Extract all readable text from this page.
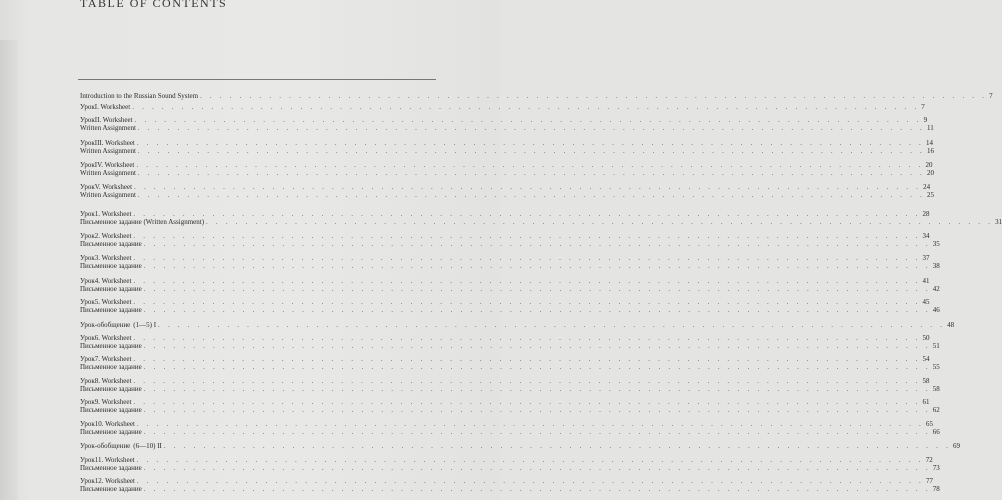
TABLE OF CONTENTS
Introduction to the Russian Sound System . . . . . . . . . . . . . . . . . . . . . . . . . . . . . . . . . . . . . . . . . . . . . . . . . . . . . . . . . . . . . . . . . . . . . . . . . . . . . . . . 7
Урок I. Worksheet . . . . . . . . . . . . . . . . . . . . . . . . . . . . . . . . . . . . . . . . . . . . . . . . . . . . . . . . . . . . . . . . . . . . . . . . . . . . . . . . 7
Урок II. Worksheet . . . . . . . . . . . . . . . . . . . . . . . . . . . . . . . . . . . . . . . . . . . . . . . . . . . . . . . . . . . . . . . . . . . . . . . . . . . . . . . . 9
Written Assignment . . . . . . . . . . . . . . . . . . . . . . . . . . . . . . . . . . . . . . . . . . . . . . . . . . . . . . . . . . . . . . . . . . . . . . . . . . . . . . . . 11
Урок III. Worksheet . . . . . . . . . . . . . . . . . . . . . . . . . . . . . . . . . . . . . . . . . . . . . . . . . . . . . . . . . . . . . . . . . . . . . . . . . . . . . . . . 14
Written Assignment . . . . . . . . . . . . . . . . . . . . . . . . . . . . . . . . . . . . . . . . . . . . . . . . . . . . . . . . . . . . . . . . . . . . . . . . . . . . . . . . 16
Урок IV. Worksheet . . . . . . . . . . . . . . . . . . . . . . . . . . . . . . . . . . . . . . . . . . . . . . . . . . . . . . . . . . . . . . . . . . . . . . . . . . . . . . . . 20
Written Assignment . . . . . . . . . . . . . . . . . . . . . . . . . . . . . . . . . . . . . . . . . . . . . . . . . . . . . . . . . . . . . . . . . . . . . . . . . . . . . . . . 20
Урок V. Worksheet . . . . . . . . . . . . . . . . . . . . . . . . . . . . . . . . . . . . . . . . . . . . . . . . . . . . . . . . . . . . . . . . . . . . . . . . . . . . . . . . 24
Written Assignment . . . . . . . . . . . . . . . . . . . . . . . . . . . . . . . . . . . . . . . . . . . . . . . . . . . . . . . . . . . . . . . . . . . . . . . . . . . . . . . . 25
Урок 1. Worksheet . . . . . . . . . . . . . . . . . . . . . . . . . . . . . . . . . . . . . . . . . . . . . . . . . . . . . . . . . . . . . . . . . . . . . . . . . . . . . . . . 28
Письменное задание (Written Assignment) . . . . . . . . . . . . . . . . . . . . . . . . . . . . . . . . . . . . . . . . . . . . . . . . . . . . . . . . . . . . . . . . . . . . . . . . . . . . . . . . 31
Урок 2. Worksheet . . . . . . . . . . . . . . . . . . . . . . . . . . . . . . . . . . . . . . . . . . . . . . . . . . . . . . . . . . . . . . . . . . . . . . . . . . . . . . . . 34
Письменное задание . . . . . . . . . . . . . . . . . . . . . . . . . . . . . . . . . . . . . . . . . . . . . . . . . . . . . . . . . . . . . . . . . . . . . . . . . . . . . . . . 35
Урок 3. Worksheet . . . . . . . . . . . . . . . . . . . . . . . . . . . . . . . . . . . . . . . . . . . . . . . . . . . . . . . . . . . . . . . . . . . . . . . . . . . . . . . . 37
Письменное задание . . . . . . . . . . . . . . . . . . . . . . . . . . . . . . . . . . . . . . . . . . . . . . . . . . . . . . . . . . . . . . . . . . . . . . . . . . . . . . . . 38
Урок 4. Worksheet . . . . . . . . . . . . . . . . . . . . . . . . . . . . . . . . . . . . . . . . . . . . . . . . . . . . . . . . . . . . . . . . . . . . . . . . . . . . . . . . 41
Письменное задание . . . . . . . . . . . . . . . . . . . . . . . . . . . . . . . . . . . . . . . . . . . . . . . . . . . . . . . . . . . . . . . . . . . . . . . . . . . . . . . . 42
Урок 5. Worksheet . . . . . . . . . . . . . . . . . . . . . . . . . . . . . . . . . . . . . . . . . . . . . . . . . . . . . . . . . . . . . . . . . . . . . . . . . . . . . . . . 45
Письменное задание . . . . . . . . . . . . . . . . . . . . . . . . . . . . . . . . . . . . . . . . . . . . . . . . . . . . . . . . . . . . . . . . . . . . . . . . . . . . . . . . 46
Урок-обобщение (1—5) I . . . . . . . . . . . . . . . . . . . . . . . . . . . . . . . . . . . . . . . . . . . . . . . . . . . . . . . . . . . . . . . . . . . . . . . . . . . . . . . . 48
Урок 6. Worksheet . . . . . . . . . . . . . . . . . . . . . . . . . . . . . . . . . . . . . . . . . . . . . . . . . . . . . . . . . . . . . . . . . . . . . . . . . . . . . . . . 50
Письменное задание . . . . . . . . . . . . . . . . . . . . . . . . . . . . . . . . . . . . . . . . . . . . . . . . . . . . . . . . . . . . . . . . . . . . . . . . . . . . . . . . 51
Урок 7. Worksheet . . . . . . . . . . . . . . . . . . . . . . . . . . . . . . . . . . . . . . . . . . . . . . . . . . . . . . . . . . . . . . . . . . . . . . . . . . . . . . . . 54
Письменное задание . . . . . . . . . . . . . . . . . . . . . . . . . . . . . . . . . . . . . . . . . . . . . . . . . . . . . . . . . . . . . . . . . . . . . . . . . . . . . . . . 55
Урок 8. Worksheet . . . . . . . . . . . . . . . . . . . . . . . . . . . . . . . . . . . . . . . . . . . . . . . . . . . . . . . . . . . . . . . . . . . . . . . . . . . . . . . . 58
Письменное задание . . . . . . . . . . . . . . . . . . . . . . . . . . . . . . . . . . . . . . . . . . . . . . . . . . . . . . . . . . . . . . . . . . . . . . . . . . . . . . . . 58
Урок 9. Worksheet . . . . . . . . . . . . . . . . . . . . . . . . . . . . . . . . . . . . . . . . . . . . . . . . . . . . . . . . . . . . . . . . . . . . . . . . . . . . . . . . 61
Письменное задание . . . . . . . . . . . . . . . . . . . . . . . . . . . . . . . . . . . . . . . . . . . . . . . . . . . . . . . . . . . . . . . . . . . . . . . . . . . . . . . . 62
Урок 10. Worksheet . . . . . . . . . . . . . . . . . . . . . . . . . . . . . . . . . . . . . . . . . . . . . . . . . . . . . . . . . . . . . . . . . . . . . . . . . . . . . . . . 65
Письменное задание . . . . . . . . . . . . . . . . . . . . . . . . . . . . . . . . . . . . . . . . . . . . . . . . . . . . . . . . . . . . . . . . . . . . . . . . . . . . . . . . 66
Урок-обобщение (6—10) II . . . . . . . . . . . . . . . . . . . . . . . . . . . . . . . . . . . . . . . . . . . . . . . . . . . . . . . . . . . . . . . . . . . . . . . . . . . . . . . . 69
Урок 11. Worksheet . . . . . . . . . . . . . . . . . . . . . . . . . . . . . . . . . . . . . . . . . . . . . . . . . . . . . . . . . . . . . . . . . . . . . . . . . . . . . . . . 72
Письменное задание . . . . . . . . . . . . . . . . . . . . . . . . . . . . . . . . . . . . . . . . . . . . . . . . . . . . . . . . . . . . . . . . . . . . . . . . . . . . . . . . 73
Урок 12. Worksheet . . . . . . . . . . . . . . . . . . . . . . . . . . . . . . . . . . . . . . . . . . . . . . . . . . . . . . . . . . . . . . . . . . . . . . . . . . . . . . . . 77
Письменное задание . . . . . . . . . . . . . . . . . . . . . . . . . . . . . . . . . . . . . . . . . . . . . . . . . . . . . . . . . . . . . . . . . . . . . . . . . . . . . . . . 78
